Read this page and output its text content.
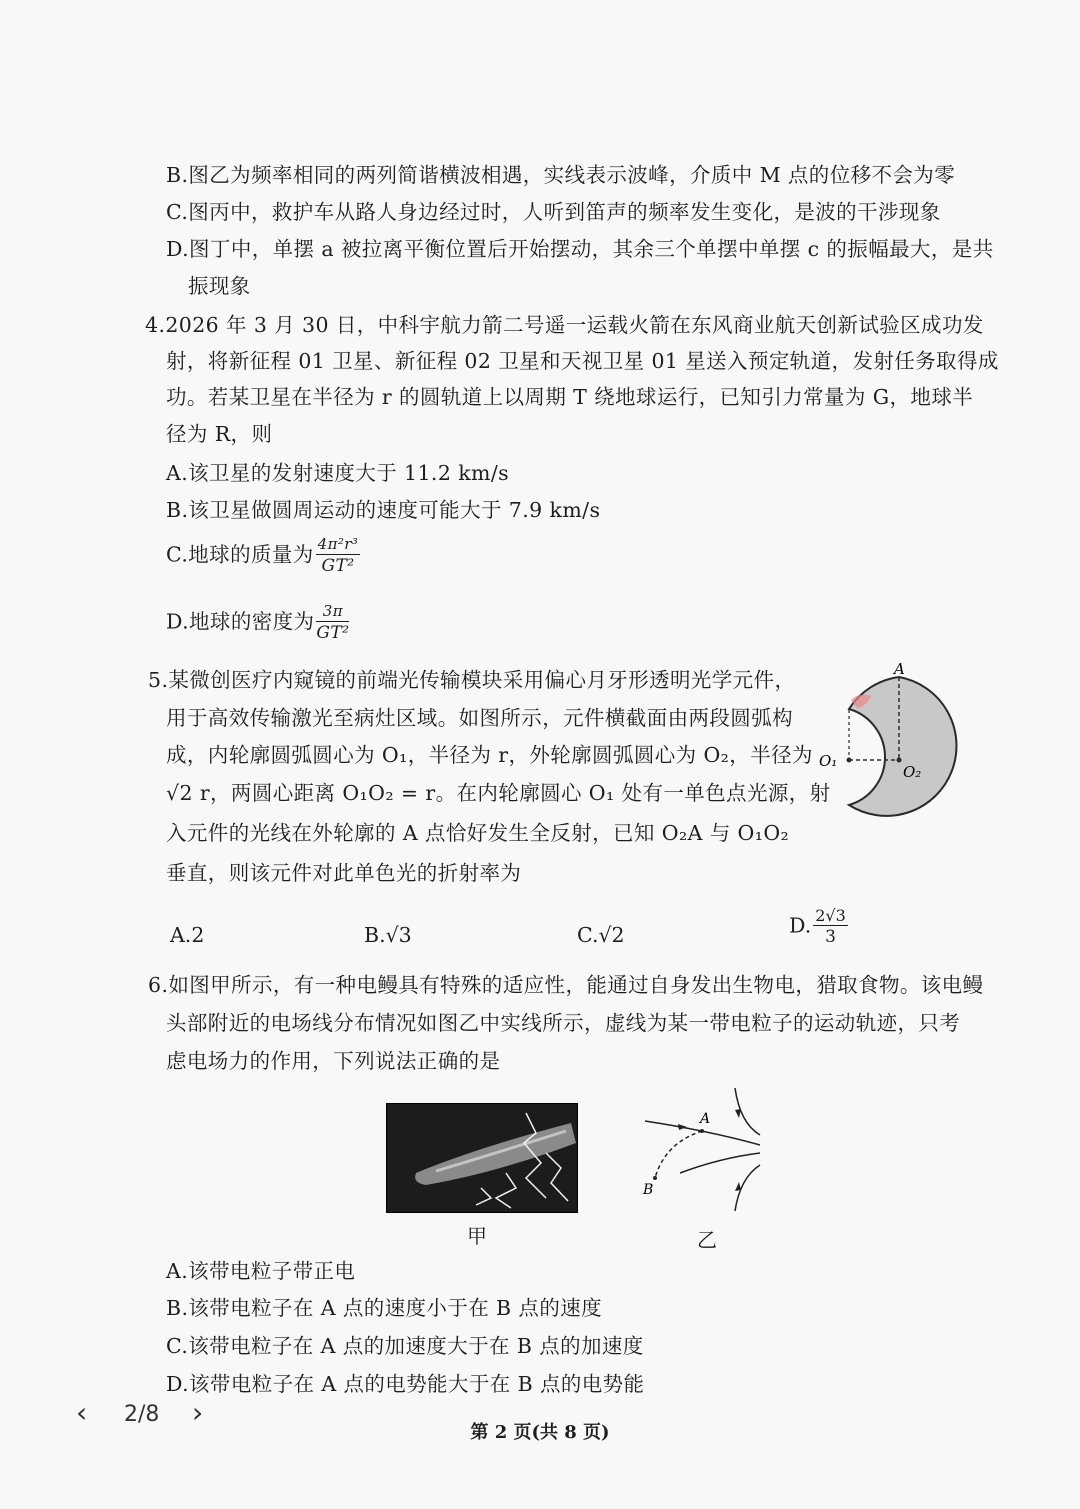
B.图乙为频率相同的两列简谐横波相遇，实线表示波峰，介质中 M 点的位移不会为零
C.图丙中，救护车从路人身边经过时，人听到笛声的频率发生变化，是波的干涉现象
D.图丁中，单摆 a 被拉离平衡位置后开始摆动，其余三个单摆中单摆 c 的振幅最大，是共
振现象
4.2026 年 3 月 30 日，中科宇航力箭二号遥一运载火箭在东风商业航天创新试验区成功发
射，将新征程 01 卫星、新征程 02 卫星和天视卫星 01 星送入预定轨道，发射任务取得成
功。若某卫星在半径为 r 的圆轨道上以周期 T 绕地球运行，已知引力常量为 G，地球半
径为 R，则
A.该卫星的发射速度大于 11.2 km/s
B.该卫星做圆周运动的速度可能大于 7.9 km/s
C.地球的质量为 $\frac{\text{4π²r³}}{\text{GT²}}$
D.地球的密度为 $\frac{3\pi}{\text{GT²}}$
5.某微创医疗内窥镜的前端光传输模块采用偏心月牙形透明光学元件，
用于高效传输激光至病灶区域。如图所示，元件横截面由两段圆弧构
成，内轮廓圆弧圆心为 O₁，半径为 r，外轮廓圆弧圆心为 O₂，半径为
√2 r，两圆心距离 O₁O₂ = r。在内轮廓圆心 O₁ 处有一单色点光源，射
入元件的光线在外轮廓的 A 点恰好发生全反射，已知 O₂A 与 O₁O₂
垂直，则该元件对此单色光的折射率为
A
O₁
O₂
A.2	B.√3	C.√2	D. $\frac{2√3}{3}$
6.如图甲所示，有一种电鳗具有特殊的适应性，能通过自身发出生物电，猎取食物。该电鳗
头部附近的电场线分布情况如图乙中实线所示，虚线为某一带电粒子的运动轨迹，只考
虑电场力的作用，下列说法正确的是
甲
A
B
乙
A.该带电粒子带正电
B.该带电粒子在 A 点的速度小于在 B 点的速度
C.该带电粒子在 A 点的加速度大于在 B 点的加速度
D.该带电粒子在 A 点的电势能大于在 B 点的电势能
‹ 2/8 ›
第 2 页(共 8 页)
